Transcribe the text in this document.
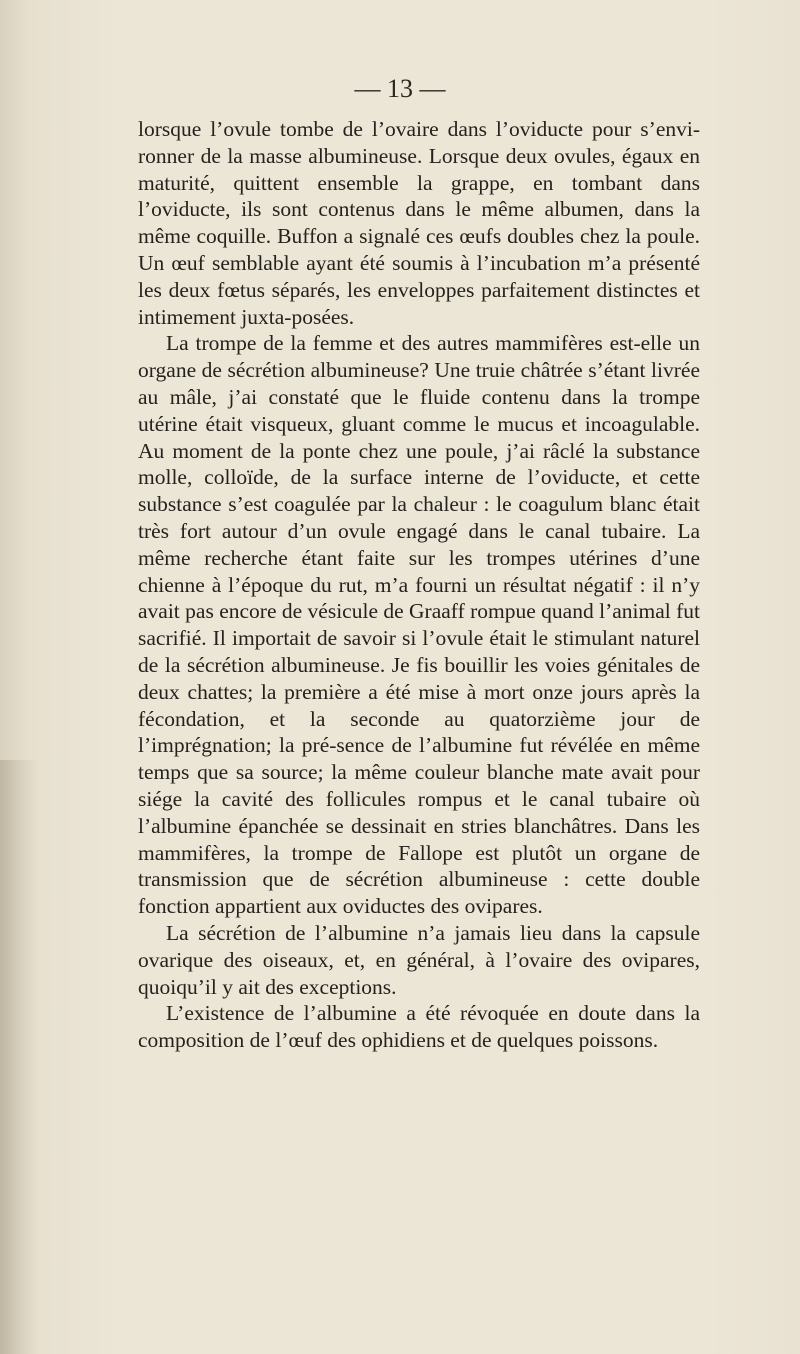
— 13 —

lorsque l’ovule tombe de l’ovaire dans l’oviducte pour s’envi-ronner de la masse albumineuse. Lorsque deux ovules, égaux en maturité, quittent ensemble la grappe, en tombant dans l’oviducte, ils sont contenus dans le même albumen, dans la même coquille. Buffon a signalé ces œufs doubles chez la poule. Un œuf semblable ayant été soumis à l’incubation m’a présenté les deux fœtus séparés, les enveloppes parfaitement distinctes et intimement juxta-posées.

La trompe de la femme et des autres mammifères est-elle un organe de sécrétion albumineuse? Une truie châtrée s’étant livrée au mâle, j’ai constaté que le fluide contenu dans la trompe utérine était visqueux, gluant comme le mucus et incoagulable. Au moment de la ponte chez une poule, j’ai râclé la substance molle, colloïde, de la surface interne de l’oviducte, et cette substance s’est coagulée par la chaleur : le coagulum blanc était très fort autour d’un ovule engagé dans le canal tubaire. La même recherche étant faite sur les trompes utérines d’une chienne à l’époque du rut, m’a fourni un résultat négatif : il n’y avait pas encore de vésicule de Graaff rompue quand l’animal fut sacrifié. Il importait de savoir si l’ovule était le stimulant naturel de la sécrétion albumineuse. Je fis bouillir les voies génitales de deux chattes; la première a été mise à mort onze jours après la fécondation, et la seconde au quatorzième jour de l’imprégnation; la pré-sence de l’albumine fut révélée en même temps que sa source; la même couleur blanche mate avait pour siége la cavité des follicules rompus et le canal tubaire où l’albumine épanchée se dessinait en stries blanchâtres. Dans les mammifères, la trompe de Fallope est plutôt un organe de transmission que de sécrétion albumineuse : cette double fonction appartient aux oviductes des ovipares.

La sécrétion de l’albumine n’a jamais lieu dans la capsule ovarique des oiseaux, et, en général, à l’ovaire des ovipares, quoiqu’il y ait des exceptions.

L’existence de l’albumine a été révoquée en doute dans la composition de l’œuf des ophidiens et de quelques poissons.
